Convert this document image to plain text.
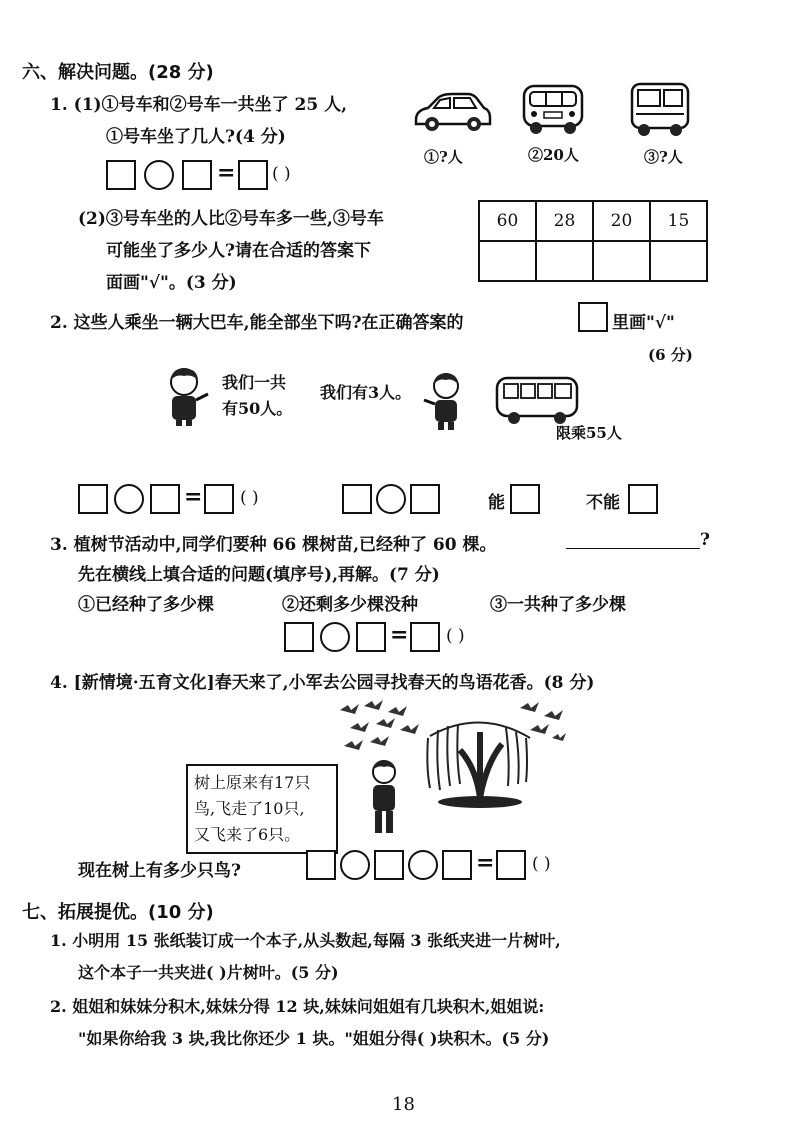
六、解决问题。(28 分)
1. (1)①号车和②号车一共坐了 25 人,
①号车坐了几人?(4 分)
①?人	②20人	③?人
= ( )
(2)③号车坐的人比②号车多一些,③号车
可能坐了多少人?请在合适的答案下
面画"√"。(3 分)
60	28	20	15

2. 这些人乘坐一辆大巴车,能全部坐下吗?在正确答案的	里画"√"
(6 分)
我们一共
有50人。
我们有3人。
限乘55人
= ( )	能	不能
3. 植树节活动中,同学们要种 66 棵树苗,已经种了 60 棵。	?
先在横线上填合适的问题(填序号),再解。(7 分)
①已经种了多少棵	②还剩多少棵没种	③一共种了多少棵
= ( )
4. [新情境·五育文化]春天来了,小军去公园寻找春天的鸟语花香。(8 分)
树上原来有17只
鸟,飞走了10只,
又飞来了6只。
现在树上有多少只鸟?	= ( )
七、拓展提优。(10 分)
1. 小明用 15 张纸装订成一个本子,从头数起,每隔 3 张纸夹进一片树叶,
这个本子一共夹进( )片树叶。(5 分)
2. 姐姐和妹妹分积木,妹妹分得 12 块,妹妹问姐姐有几块积木,姐姐说:
"如果你给我 3 块,我比你还少 1 块。"姐姐分得( )块积木。(5 分)
18
